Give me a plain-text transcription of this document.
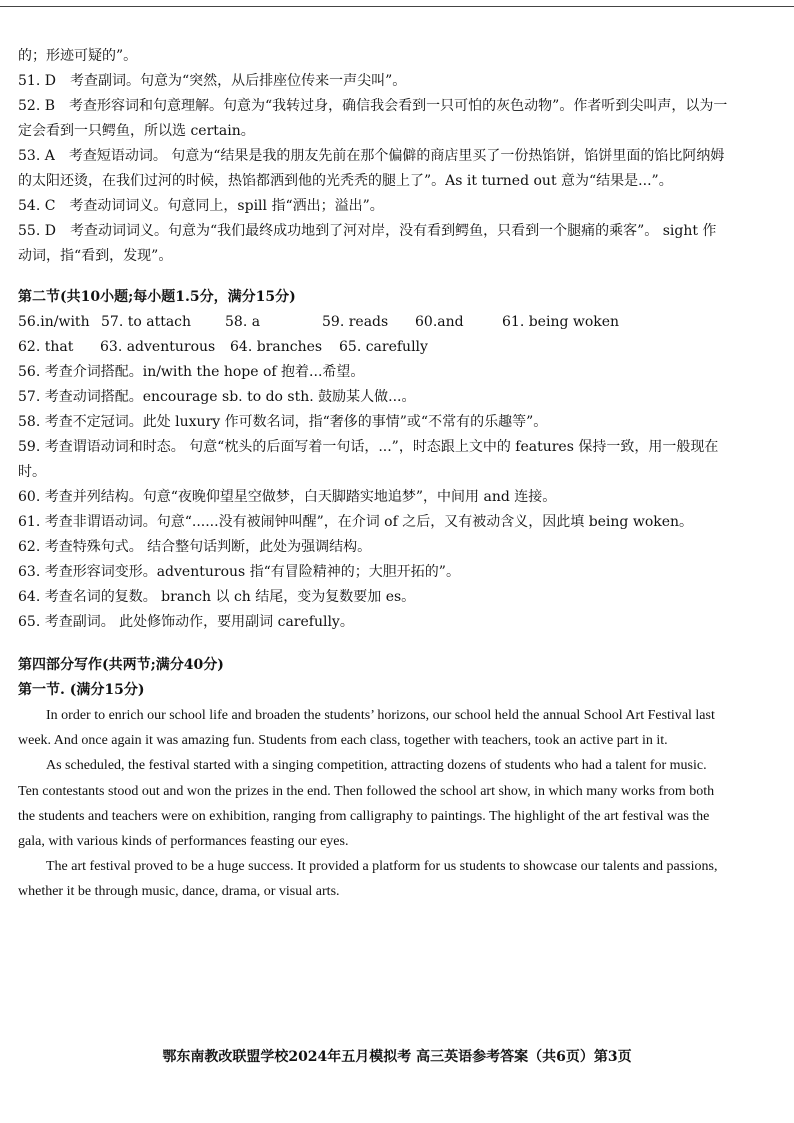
的；形迹可疑的”。
51. D　考查副词。句意为“突然，从后排座位传来一声尖叫”。
52. B　考查形容词和句意理解。句意为“我转过身，确信我会看到一只可怕的灰色动物”。作者听到尖叫声，以为一定会看到一只鳄鱼，所以选 certain。
53. A　考查短语动词。 句意为“结果是我的朋友先前在那个偏僻的商店里买了一份热馅饼，馅饼里面的馅比阿纳姆的太阳还烫，在我们过河的时候，热馅都洒到他的光秃秃的腿上了”。As it turned out 意为“结果是...”。
54. C　考查动词词义。句意同上，spill 指“洒出；溢出”。
55. D　考查动词词义。句意为“我们最终成功地到了河对岸，没有看到鳄鱼，只看到一个腿痛的乘客”。 sight 作动词，指“看到，发现”。
第二节(共10小题;每小题1.5分，满分15分)
56.in/with 57. to attach	58. a	59. reads	60.and	61. being woken
62. that	63. adventurous	64. branches	65. carefully
56. 考查介词搭配。in/with the hope of 抱着...希望。
57. 考查动词搭配。encourage sb. to do sth. 鼓励某人做...。
58. 考查不定冠词。此处 luxury 作可数名词，指“奢侈的事情”或“不常有的乐趣等”。
59. 考查谓语动词和时态。 句意“枕头的后面写着一句话，...”，时态跟上文中的 features 保持一致，用一般现在时。
60. 考查并列结构。句意“夜晚仰望星空做梦，白天脚踏实地追梦”，中间用 and 连接。
61. 考查非谓语动词。句意“......没有被闹钟叫醒”，在介词 of 之后，又有被动含义，因此填 being woken。
62. 考查特殊句式。 结合整句话判断，此处为强调结构。
63. 考查形容词变形。adventurous 指“有冒险精神的；大胆开拓的”。
64. 考查名词的复数。 branch 以 ch 结尾，变为复数要加 es。
65. 考查副词。 此处修饰动作，要用副词 carefully。
第四部分写作(共两节;满分40分)
第一节. (满分15分)

In order to enrich our school life and broaden the students’ horizons, our school held the annual School Art Festival last week. And once again it was amazing fun. Students from each class, together with teachers, took an active part in it.

As scheduled, the festival started with a singing competition, attracting dozens of students who had a talent for music. Ten contestants stood out and won the prizes in the end. Then followed the school art show, in which many works from both the students and teachers were on exhibition, ranging from calligraphy to paintings. The highlight of the art festival was the gala, with various kinds of performances feasting our eyes.

The art festival proved to be a huge success. It provided a platform for us students to showcase our talents and passions, whether it be through music, dance, drama, or visual arts.

鄂东南教改联盟学校2024年五月模拟考 高三英语参考答案（共6页）第3页
